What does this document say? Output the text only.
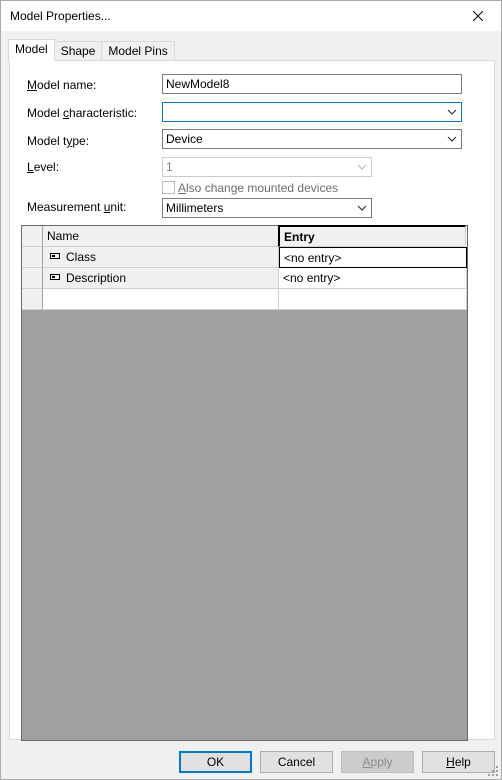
Model Properties...
Model	Shape	Model Pins
Model name:	NewModel8
Model characteristic:
Model type:	Device
Level:	1
Also change mounted devices
Measurement unit:	Millimeters
Name	Entry
Class	<no entry>
Description	<no entry>
OK	Cancel	Apply	Help
